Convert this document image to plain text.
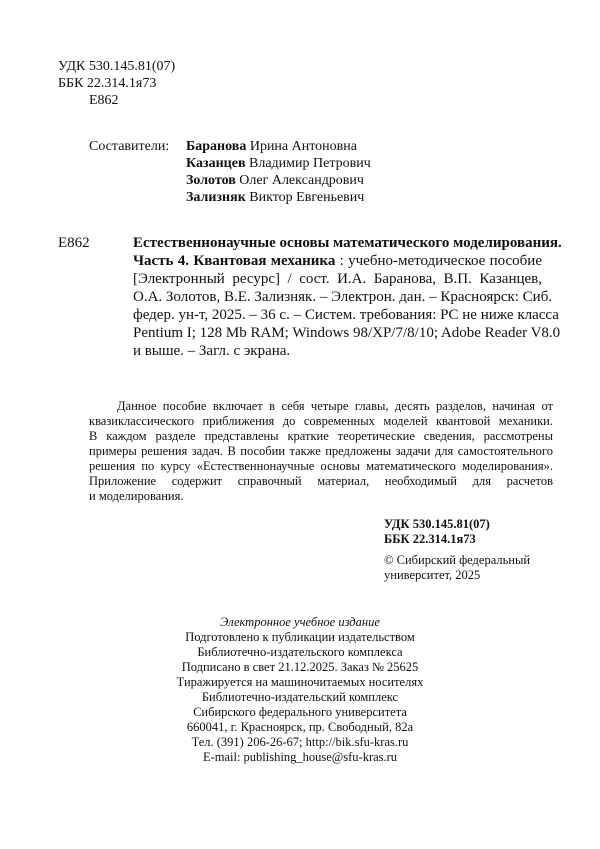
УДК 530.145.81(07)
ББК 22.314.1я73
Е862
Составители: Баранова Ирина Антоновна
Казанцев Владимир Петрович
Золотов Олег Александрович
Зализняк Виктор Евгеньевич
Е862	Естественнонаучные основы математического моделирования.
Часть 4. Квантовая механика : учебно-методическое пособие
[Электронный ресурс] / сост. И.А. Баранова, В.П. Казанцев,
О.А. Золотов, В.Е. Зализняк. – Электрон. дан. – Красноярск: Сиб.
федер. ун-т, 2025. – 36 с. – Систем. требования: PC не ниже класса
Pentium I; 128 Mb RAM; Windows 98/XP/7/8/10; Adobe Reader V8.0
и выше. – Загл. с экрана.
Данное пособие включает в себя четыре главы, десять разделов, начиная от
квазиклассического приближения до современных моделей квантовой механики.
В каждом разделе представлены краткие теоретические сведения, рассмотрены
примеры решения задач. В пособии также предложены задачи для самостоятельного
решения по курсу «Естественнонаучные основы математического моделирования».
Приложение содержит справочный материал, необходимый для расчетов
и моделирования.
УДК 530.145.81(07)
ББК 22.314.1я73
© Сибирский федеральный
университет, 2025
Электронное учебное издание
Подготовлено к публикации издательством
Библиотечно-издательского комплекса
Подписано в свет 21.12.2025. Заказ № 25625
Тиражируется на машиночитаемых носителях
Библиотечно-издательский комплекс
Сибирского федерального университета
660041, г. Красноярск, пр. Свободный, 82а
Тел. (391) 206-26-67; http://bik.sfu-kras.ru
E-mail: publishing_house@sfu-kras.ru
